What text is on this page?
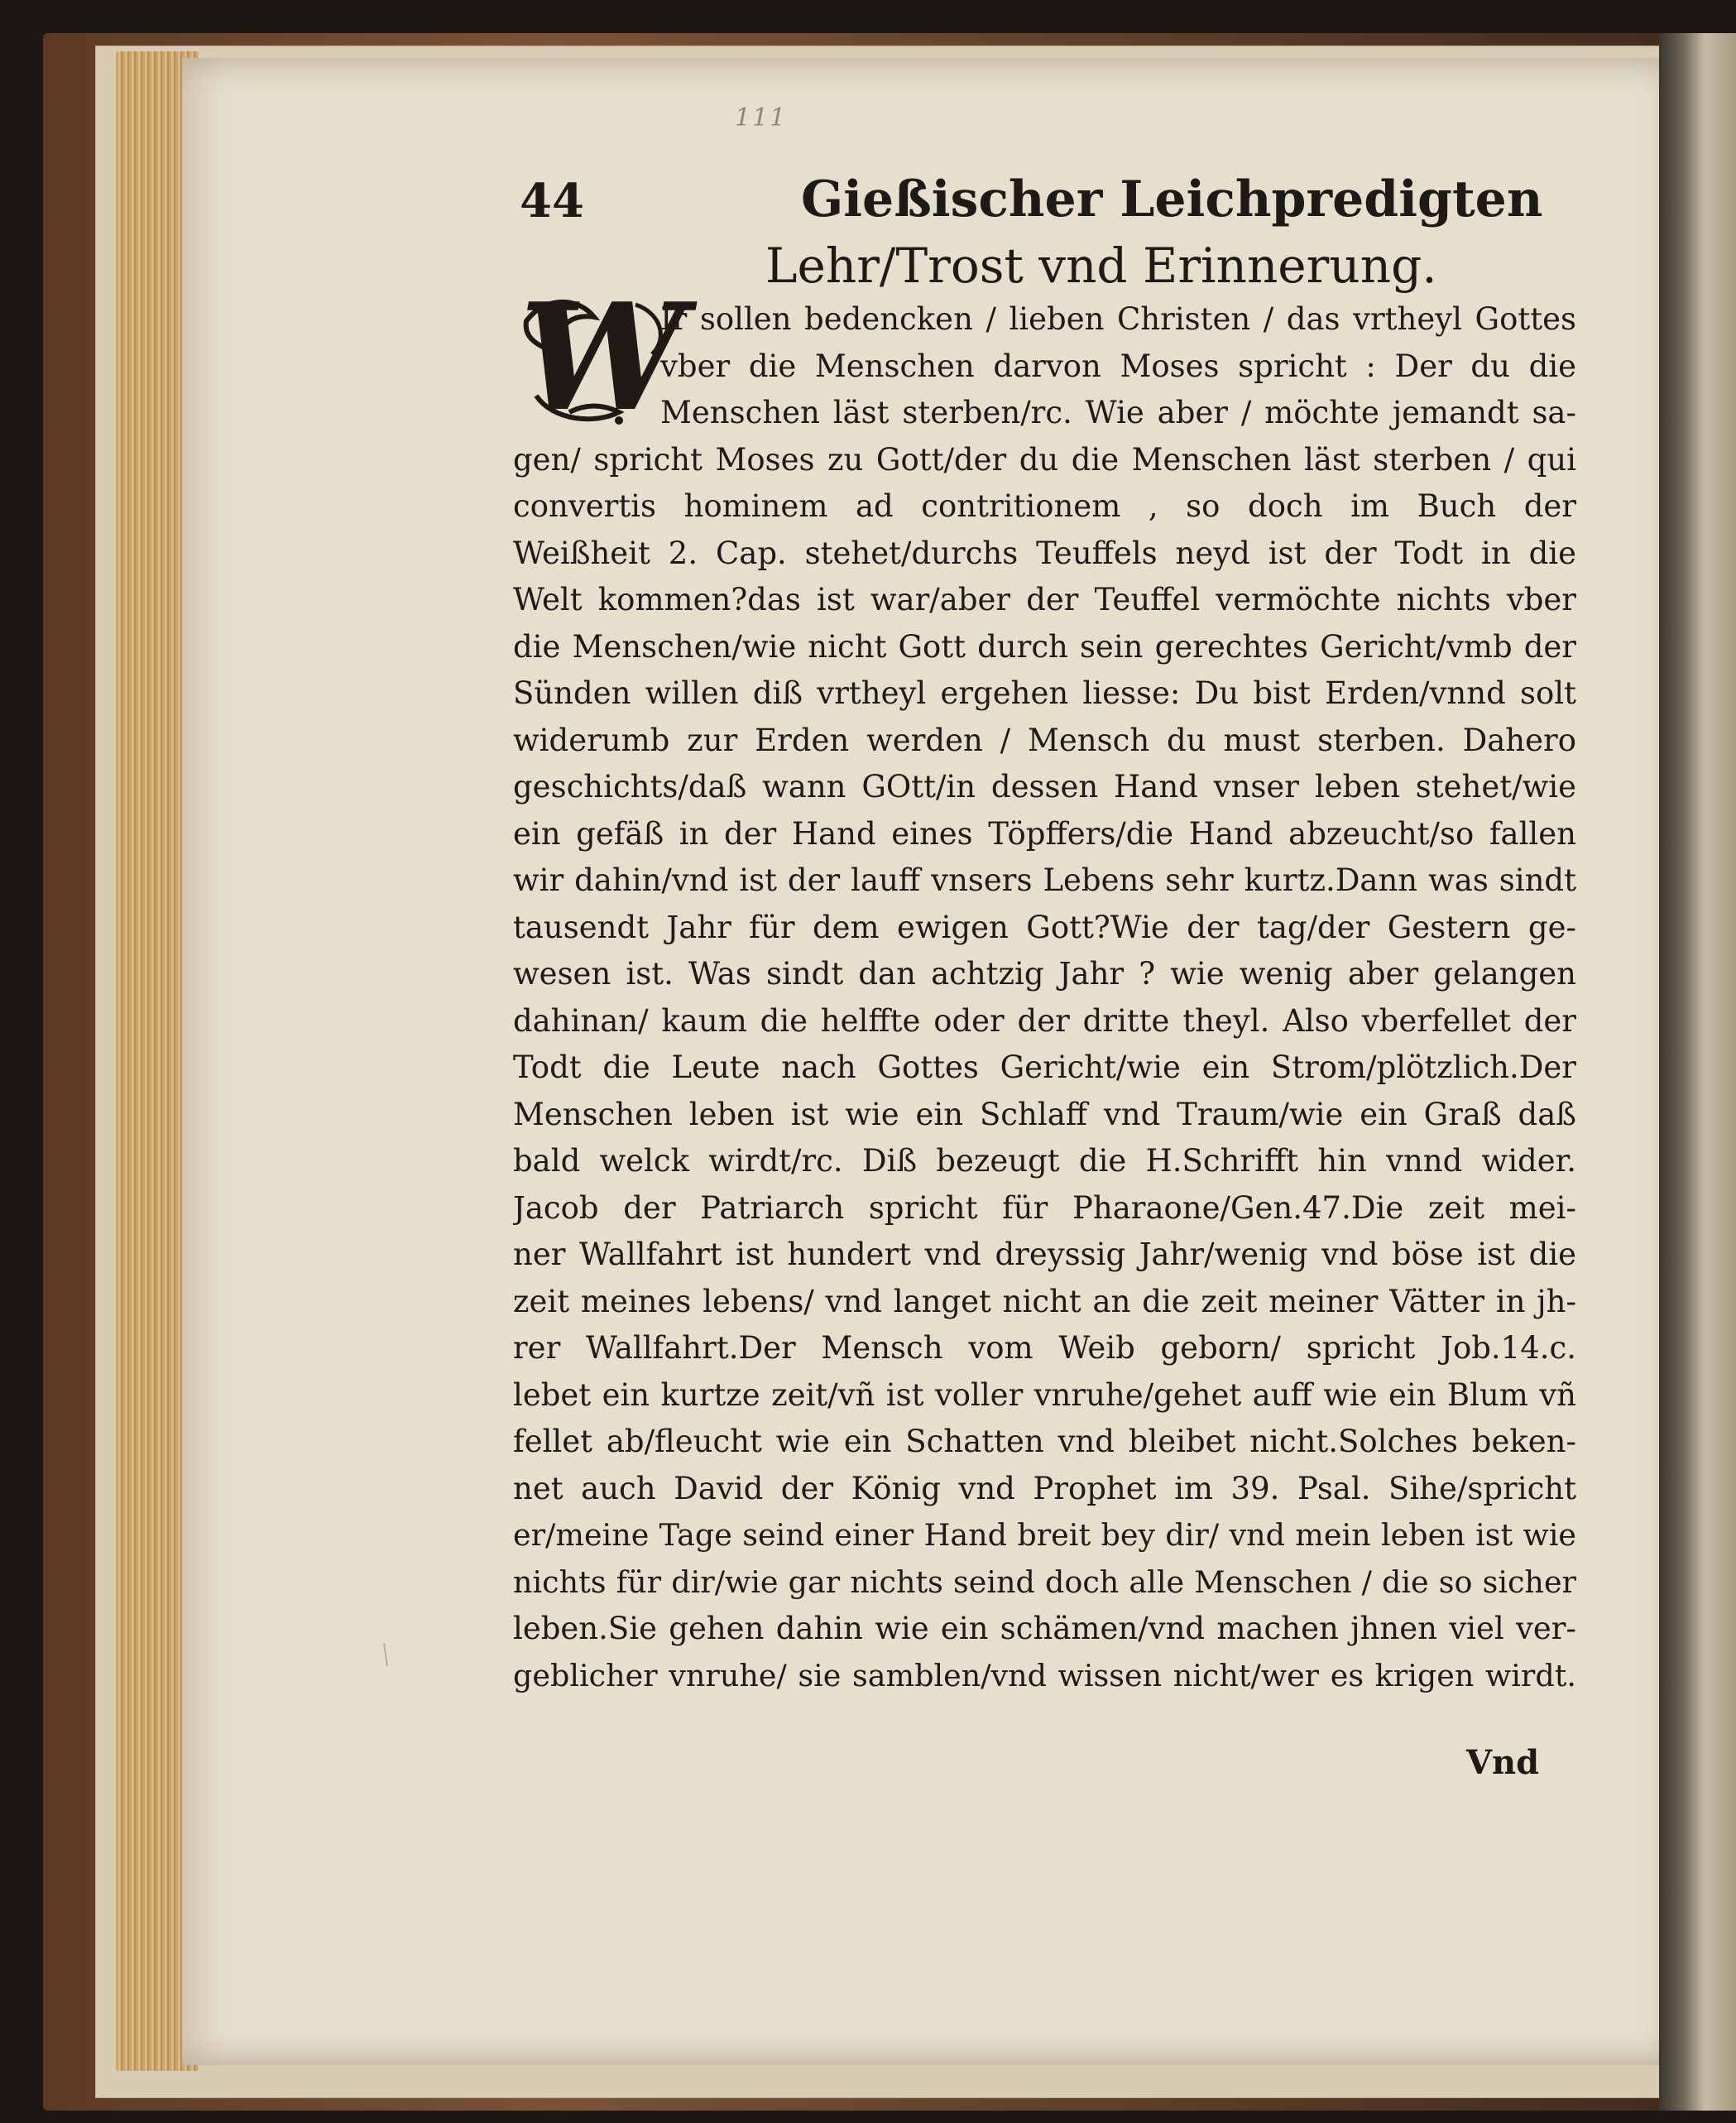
111
44	Gießischer Leichpredigten
Lehr/Trost vnd Erinnerung.
W
Ir sollen bedencken / lieben Christen / das vrtheyl Gottes
vber die Menschen darvon Moses spricht : Der du die
Menschen läst sterben/rc. Wie aber / möchte jemandt sa-
gen/ spricht Moses zu Gott/der du die Menschen läst sterben / qui
convertis hominem ad contritionem , so doch im Buch der
Weißheit 2. Cap. stehet/durchs Teuffels neyd ist der Todt in die
Welt kommen?das ist war/aber der Teuffel vermöchte nichts vber
die Menschen/wie nicht Gott durch sein gerechtes Gericht/vmb der
Sünden willen diß vrtheyl ergehen liesse: Du bist Erden/vnnd solt
widerumb zur Erden werden / Mensch du must sterben. Dahero
geschichts/daß wann GOtt/in dessen Hand vnser leben stehet/wie
ein gefäß in der Hand eines Töpffers/die Hand abzeucht/so fallen
wir dahin/vnd ist der lauff vnsers Lebens sehr kurtz.Dann was sindt
tausendt Jahr für dem ewigen Gott?Wie der tag/der Gestern ge-
wesen ist. Was sindt dan achtzig Jahr ? wie wenig aber gelangen
dahinan/ kaum die helffte oder der dritte theyl. Also vberfellet der
Todt die Leute nach Gottes Gericht/wie ein Strom/plötzlich.Der
Menschen leben ist wie ein Schlaff vnd Traum/wie ein Graß daß
bald welck wirdt/rc. Diß bezeugt die H.Schrifft hin vnnd wider.
Jacob der Patriarch spricht für Pharaone/Gen.47.Die zeit mei-
ner Wallfahrt ist hundert vnd dreyssig Jahr/wenig vnd böse ist die
zeit meines lebens/ vnd langet nicht an die zeit meiner Vätter in jh-
rer Wallfahrt.Der Mensch vom Weib geborn/ spricht Job.14.c.
lebet ein kurtze zeit/vñ ist voller vnruhe/gehet auff wie ein Blum vñ
fellet ab/fleucht wie ein Schatten vnd bleibet nicht.Solches beken-
net auch David der König vnd Prophet im 39. Psal. Sihe/spricht
er/meine Tage seind einer Hand breit bey dir/ vnd mein leben ist wie
nichts für dir/wie gar nichts seind doch alle Menschen / die so sicher
leben.Sie gehen dahin wie ein schämen/vnd machen jhnen viel ver-
geblicher vnruhe/ sie samblen/vnd wissen nicht/wer es krigen wirdt.
Vnd
